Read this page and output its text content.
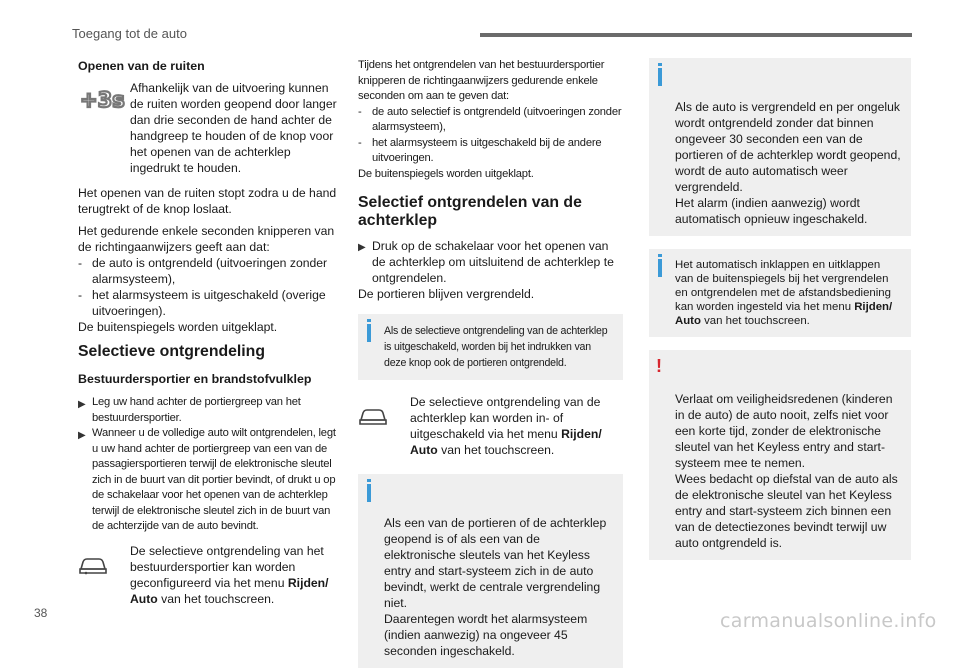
Toegang tot de auto

Openen van de ruiten

+3s Afhankelijk van de uitvoering kunnen de ruiten worden geopend door langer dan drie seconden de hand achter de handgreep te houden of de knop voor het openen van de achterklep ingedrukt te houden.

Het openen van de ruiten stopt zodra u de hand terugtrekt of de knop loslaat.

Het gedurende enkele seconden knipperen van de richtingaanwijzers geeft aan dat:

- de auto is ontgrendeld (uitvoeringen zonder alarmsysteem),
- het alarmsysteem is uitgeschakeld (overige uitvoeringen).

De buitenspiegels worden uitgeklapt.

Selectieve ontgrendeling

Bestuurdersportier en brandstofvulklep

▶ Leg uw hand achter de portiergreep van het bestuurdersportier.
▶ Wanneer u de volledige auto wilt ontgrendelen, legt u uw hand achter de portiergreep van een van de passagiersportieren terwijl de elektronische sleutel zich in de buurt van dit portier bevindt, of drukt u op de schakelaar voor het openen van de achterklep terwijl de elektronische sleutel zich in de buurt van de achterzijde van de auto bevindt.

De selectieve ontgrendeling van het bestuurdersportier kan worden geconfigureerd via het menu Rijden/ Auto van het touchscreen.

Tijdens het ontgrendelen van het bestuurdersportier knipperen de richtingaanwijzers gedurende enkele seconden om aan te geven dat:

- de auto selectief is ontgrendeld (uitvoeringen zonder alarmsysteem),
- het alarmsysteem is uitgeschakeld bij de andere uitvoeringen.

De buitenspiegels worden uitgeklapt.

Selectief ontgrendelen van de achterklep

▶ Druk op de schakelaar voor het openen van de achterklep om uitsluitend de achterklep te ontgrendelen.

De portieren blijven vergrendeld.

Als de selectieve ontgrendeling van de achterklep is uitgeschakeld, worden bij het indrukken van deze knop ook de portieren ontgrendeld.

De selectieve ontgrendeling van de achterklep kan worden in- of uitgeschakeld via het menu Rijden/ Auto van het touchscreen.

Als een van de portieren of de achterklep geopend is of als een van de elektronische sleutels van het Keyless entry and start-systeem zich in de auto bevindt, werkt de centrale vergrendeling niet.
Daarentegen wordt het alarmsysteem (indien aanwezig) na ongeveer 45 seconden ingeschakeld.

Als de auto is vergrendeld en per ongeluk wordt ontgrendeld zonder dat binnen ongeveer 30 seconden een van de portieren of de achterklep wordt geopend, wordt de auto automatisch weer vergrendeld.
Het alarm (indien aanwezig) wordt automatisch opnieuw ingeschakeld.

Het automatisch inklappen en uitklappen van de buitenspiegels bij het vergrendelen en ontgrendelen met de afstandsbediening kan worden ingesteld via het menu Rijden/ Auto van het touchscreen.

!

Verlaat om veiligheidsredenen (kinderen in de auto) de auto nooit, zelfs niet voor een korte tijd, zonder de elektronische sleutel van het Keyless entry and start-systeem mee te nemen.
Wees bedacht op diefstal van de auto als de elektronische sleutel van het Keyless entry and start-systeem zich binnen een van de detectiezones bevindt terwijl uw auto ontgrendeld is.

38	carmanualsonline.info
